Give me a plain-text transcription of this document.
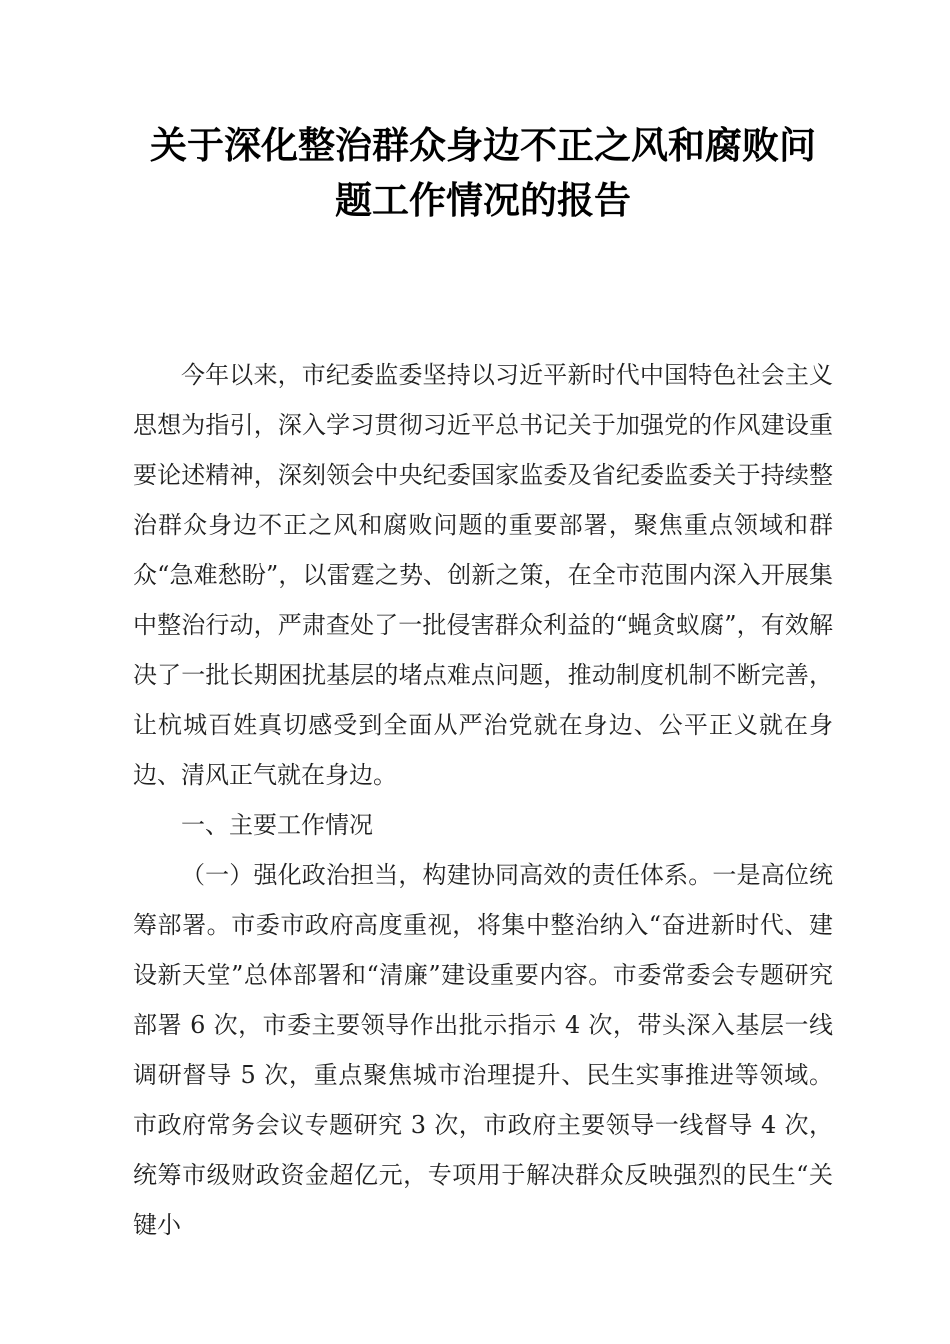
关于深化整治群众身边不正之风和腐败问题工作情况的报告

今年以来，市纪委监委坚持以习近平新时代中国特色社会主义思想为指引，深入学习贯彻习近平总书记关于加强党的作风建设重要论述精神，深刻领会中央纪委国家监委及省纪委监委关于持续整治群众身边不正之风和腐败问题的重要部署，聚焦重点领域和群众“急难愁盼”，以雷霆之势、创新之策，在全市范围内深入开展集中整治行动，严肃查处了一批侵害群众利益的“蝇贪蚁腐”，有效解决了一批长期困扰基层的堵点难点问题，推动制度机制不断完善，让杭城百姓真切感受到全面从严治党就在身边、公平正义就在身边、清风正气就在身边。

一、主要工作情况

（一）强化政治担当，构建协同高效的责任体系。一是高位统筹部署。市委市政府高度重视，将集中整治纳入“奋进新时代、建设新天堂”总体部署和“清廉”建设重要内容。市委常委会专题研究部署 6 次，市委主要领导作出批示指示 4 次，带头深入基层一线调研督导 5 次，重点聚焦城市治理提升、民生实事推进等领域。市政府常务会议专题研究 3 次，市政府主要领导一线督导 4 次，统筹市级财政资金超亿元，专项用于解决群众反映强烈的民生“关键小
